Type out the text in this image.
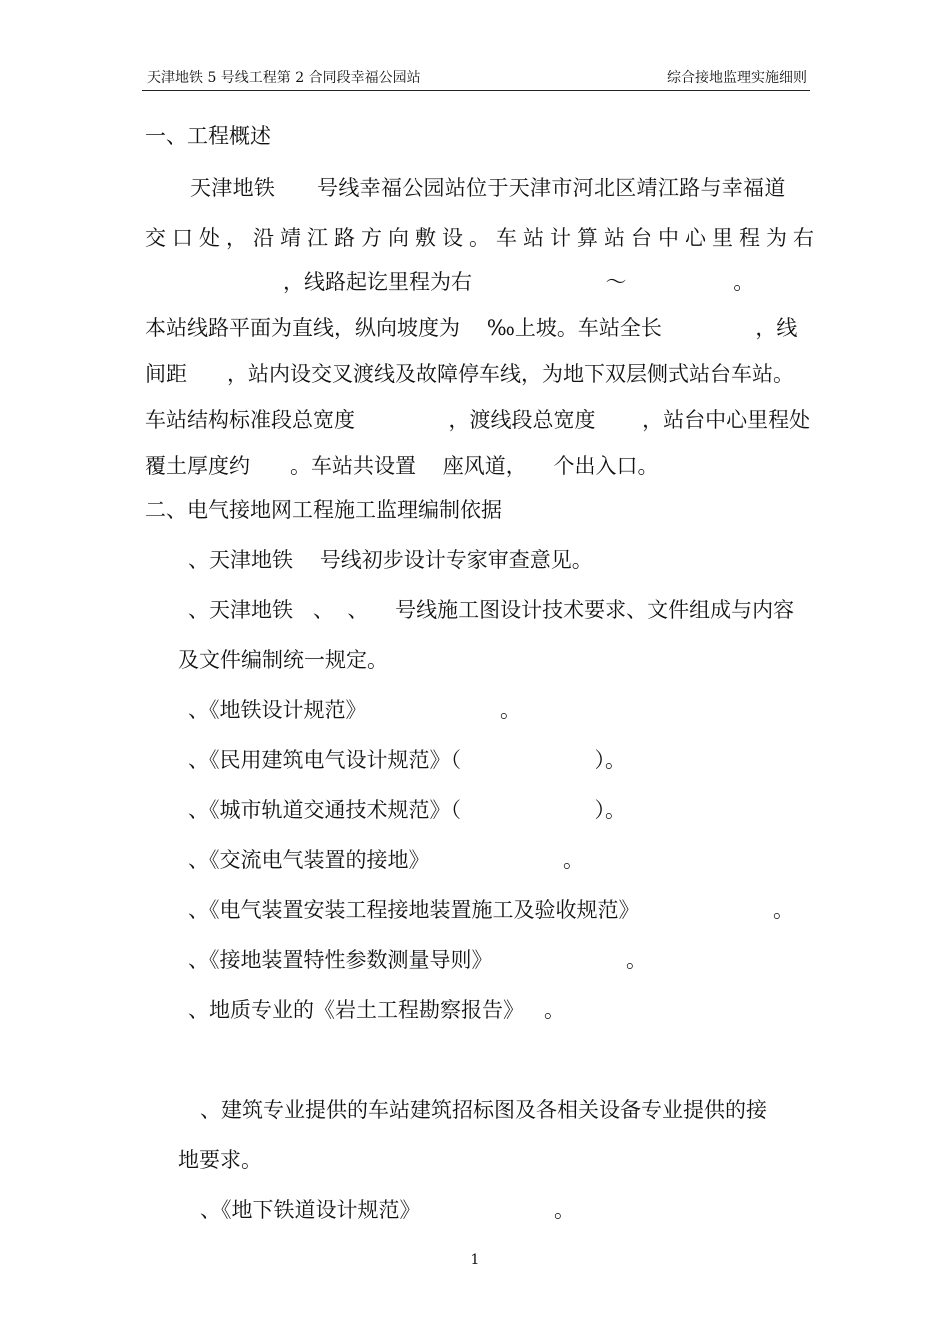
天津地铁 5 号线工程第 2 合同段幸福公园站	综合接地监理实施细则
一、工程概述
天津地铁      号线幸福公园站位于天津市河北区靖江路与幸福道
交口处，沿靖江路方向敷设。车站计算站台中心里程为右
，线路起讫里程为右                    ～                。
本站线路平面为直线，纵向坡度为    ‰上坡。车站全长              ，线
间距      ，站内设交叉渡线及故障停车线，为地下双层侧式站台车站。
车站结构标准段总宽度              ，渡线段总宽度       ，站台中心里程处
覆土厚度约      。车站共设置    座风道，    个出入口。
二、电气接地网工程施工监理编制依据
、天津地铁    号线初步设计专家审查意见。
、天津地铁   、  、    号线施工图设计技术要求、文件组成与内容
及文件编制统一规定。
、《地铁设计规范》                    。
、《民用建筑电气设计规范》（                    ）。
、《城市轨道交通技术规范》（                    ）。
、《交流电气装置的接地》                    。
、《电气装置安装工程接地装置施工及验收规范》                    。
、《接地装置特性参数测量导则》                    。
、地质专业的《岩土工程勘察报告》   。
、建筑专业提供的车站建筑招标图及各相关设备专业提供的接
地要求。
、《地下铁道设计规范》                    。
1
